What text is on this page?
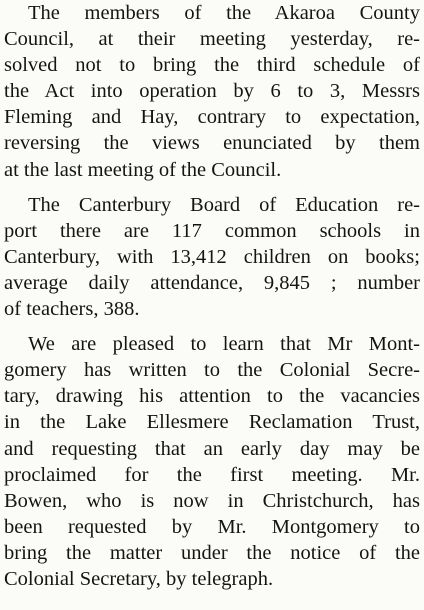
The members of the Akaroa County
Council, at their meeting yesterday, re-
solved not to bring the third schedule of
the Act into operation by 6 to 3, Messrs
Fleming and Hay, contrary to expectation,
reversing the views enunciated by them
at the last meeting of the Council.

The Canterbury Board of Education re-
port there are 117 common schools in
Canterbury, with 13,412 children on books;
average daily attendance, 9,845 ; number
of teachers, 388.

We are pleased to learn that Mr Mont-
gomery has written to the Colonial Secre-
tary, drawing his attention to the vacancies
in the Lake Ellesmere Reclamation Trust,
and requesting that an early day may be
proclaimed for the first meeting. Mr.
Bowen, who is now in Christchurch, has
been requested by Mr. Montgomery to
bring the matter under the notice of the
Colonial Secretary, by telegraph.
